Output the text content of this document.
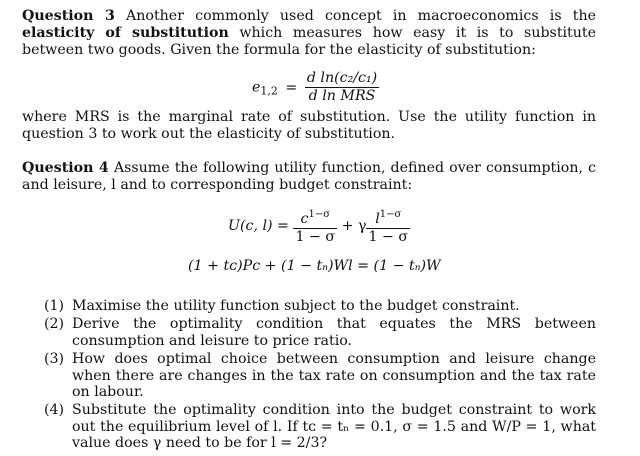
Question 3 Another commonly used concept in macroeconomics is the elasticity of substitution which measures how easy it is to substitute between two goods. Given the formula for the elasticity of substitution:
$e_{1,2} = \frac{\text{d ln(c₂/c₁)}}{\text{d ln MRS}}$
where MRS is the marginal rate of substitution. Use the utility function in question 3 to work out the elasticity of substitution.
Question 4 Assume the following utility function, defined over consumption, c and leisure, l and to corresponding budget constraint:
U(c, $l) = \frac{c^{1-\sigma}}{1 - \sigma} + \gamma \frac{l^{1-\sigma}}{1 - \sigma}$
(1 + tᴄ)Pc + (1 − tₙ)Wl = (1 − tₙ)W
(1) Maximise the utility function subject to the budget constraint.
(2) Derive the optimality condition that equates the MRS between consumption and leisure to price ratio.
(3) How does optimal choice between consumption and leisure change when there are changes in the tax rate on consumption and the tax rate on labour.
(4) Substitute the optimality condition into the budget constraint to work out the equilibrium level of l. If tᴄ = tₙ = 0.1, σ = 1.5 and W/P = 1, what value does γ need to be for l = 2/3?
